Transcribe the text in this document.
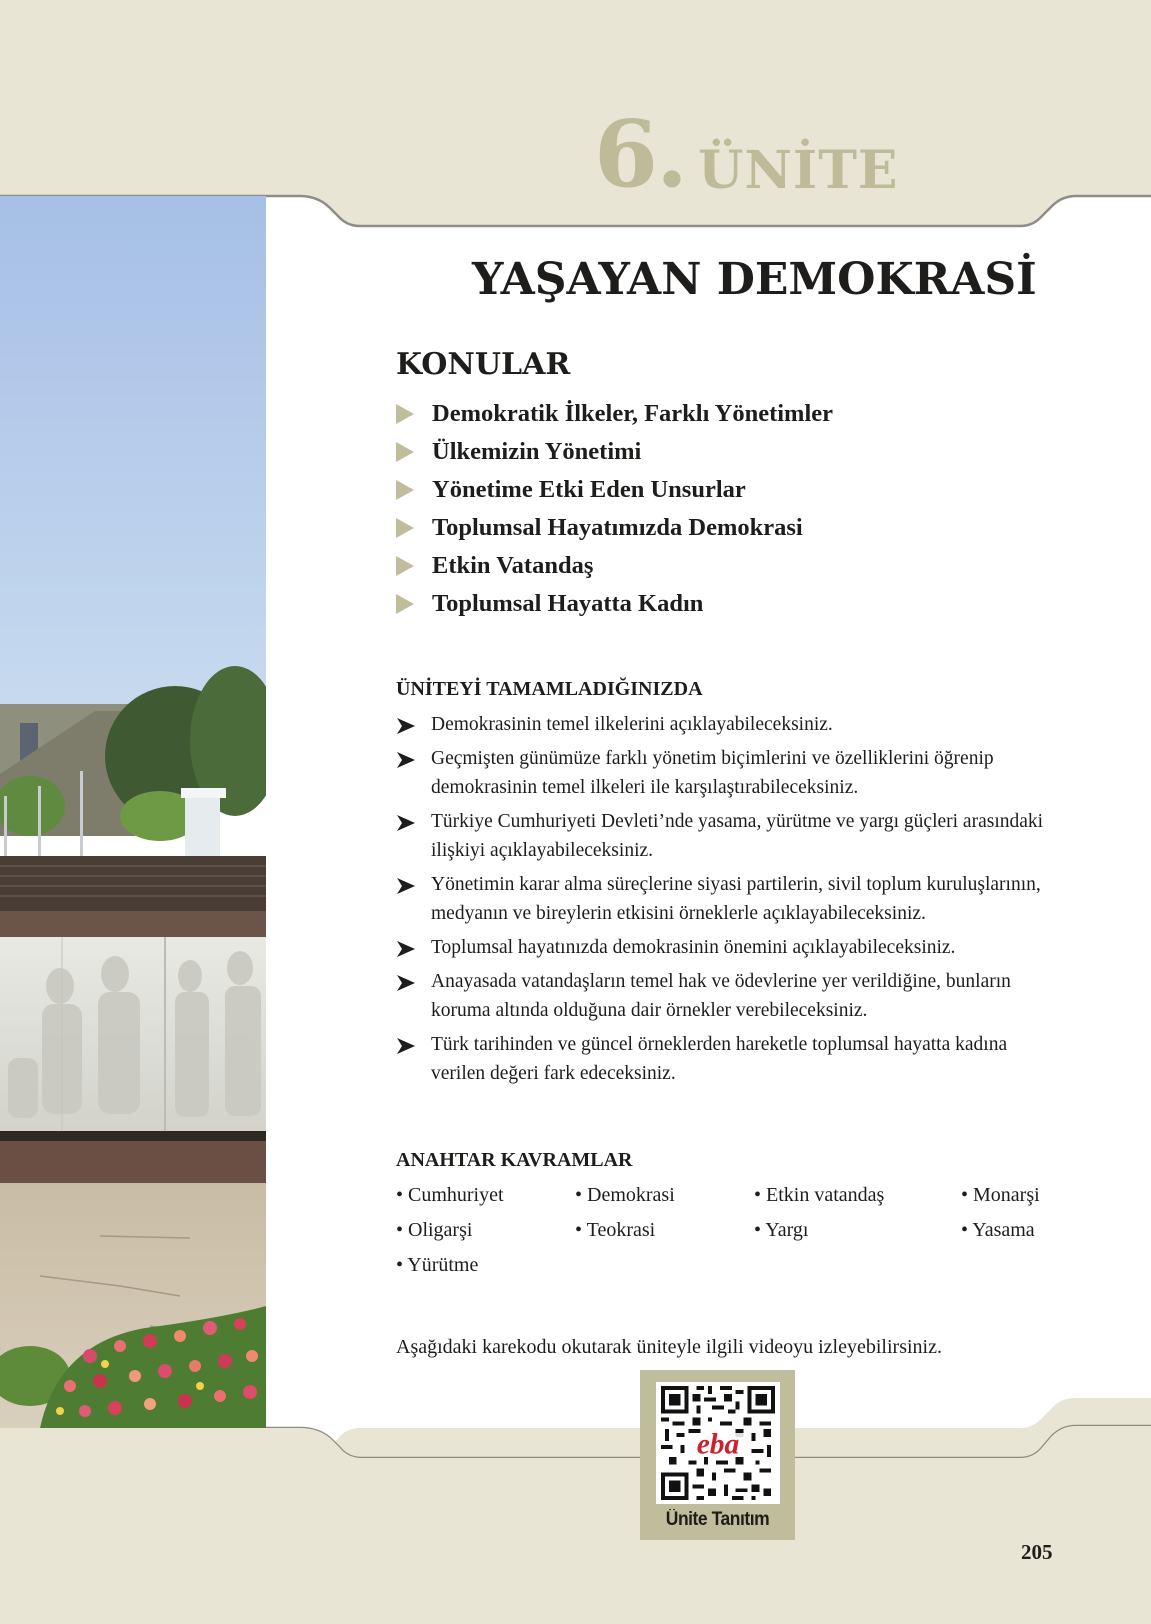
6. ÜNİTE
YAŞAYAN DEMOKRASİ
KONULAR
Demokratik İlkeler, Farklı Yönetimler
Ülkemizin Yönetimi
Yönetime Etki Eden Unsurlar
Toplumsal Hayatımızda Demokrasi
Etkin Vatandaş
Toplumsal Hayatta Kadın
ÜNİTEYİ TAMAMLADIĞINIZDA
Demokrasinin temel ilkelerini açıklayabileceksiniz.
Geçmişten günümüze farklı yönetim biçimlerini ve özelliklerini öğrenip demokrasinin temel ilkeleri ile karşılaştırabileceksiniz.
Türkiye Cumhuriyeti Devleti’nde yasama, yürütme ve yargı güçleri arasındaki ilişkiyi açıklayabileceksiniz.
Yönetimin karar alma süreçlerine siyasi partilerin, sivil toplum kuruluşlarının, medyanın ve bireylerin etkisini örneklerle açıklayabileceksiniz.
Toplumsal hayatınızda demokrasinin önemini açıklayabileceksiniz.
Anayasada vatandaşların temel hak ve ödevlerine yer verildiğine, bunların koruma altında olduğuna dair örnekler verebileceksiniz.
Türk tarihinden ve güncel örneklerden hareketle toplumsal hayatta kadına verilen değeri fark edeceksiniz.
ANAHTAR KAVRAMLAR
• Cumhuriyet	• Demokrasi	• Etkin vatandaş	• Monarşi
• Oligarşi	• Teokrasi	• Yargı	• Yasama
• Yürütme
Aşağıdaki karekodu okutarak üniteyle ilgili videoyu izleyebilirsiniz.
eba
Ünite Tanıtım
205
